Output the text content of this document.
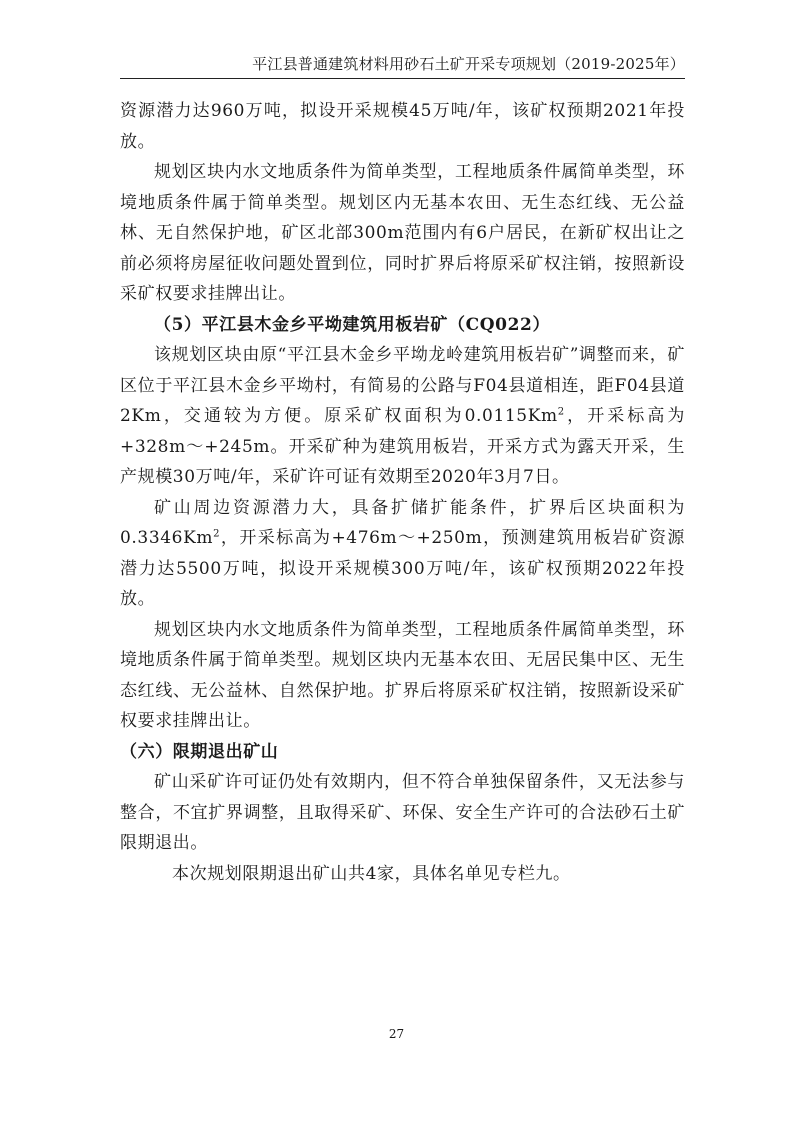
平江县普通建筑材料用砂石土矿开采专项规划（2019-2025年）

资源潜力达960万吨，拟设开采规模45万吨/年，该矿权预期2021年投放。

规划区块内水文地质条件为简单类型，工程地质条件属简单类型，环境地质条件属于简单类型。规划区内无基本农田、无生态红线、无公益林、无自然保护地，矿区北部300m范围内有6户居民，在新矿权出让之前必须将房屋征收问题处置到位，同时扩界后将原采矿权注销，按照新设采矿权要求挂牌出让。

（5）平江县木金乡平坳建筑用板岩矿（CQ022）

该规划区块由原“平江县木金乡平坳龙岭建筑用板岩矿”调整而来，矿区位于平江县木金乡平坳村，有简易的公路与F04县道相连，距F04县道2Km，交通较为方便。原采矿权面积为0.0115Km$^2$，开采标高为+328m～+245m。开采矿种为建筑用板岩，开采方式为露天开采，生产规模30万吨/年，采矿许可证有效期至2020年3月7日。

矿山周边资源潜力大，具备扩储扩能条件，扩界后区块面积为0.3346Km$^2$，开采标高为+476m～+250m，预测建筑用板岩矿资源潜力达5500万吨，拟设开采规模300万吨/年，该矿权预期2022年投放。

规划区块内水文地质条件为简单类型，工程地质条件属简单类型，环境地质条件属于简单类型。规划区块内无基本农田、无居民集中区、无生态红线、无公益林、自然保护地。扩界后将原采矿权注销，按照新设采矿权要求挂牌出让。

（六）限期退出矿山

矿山采矿许可证仍处有效期内，但不符合单独保留条件，又无法参与整合，不宜扩界调整，且取得采矿、环保、安全生产许可的合法砂石土矿限期退出。

本次规划限期退出矿山共4家，具体名单见专栏九。

27
